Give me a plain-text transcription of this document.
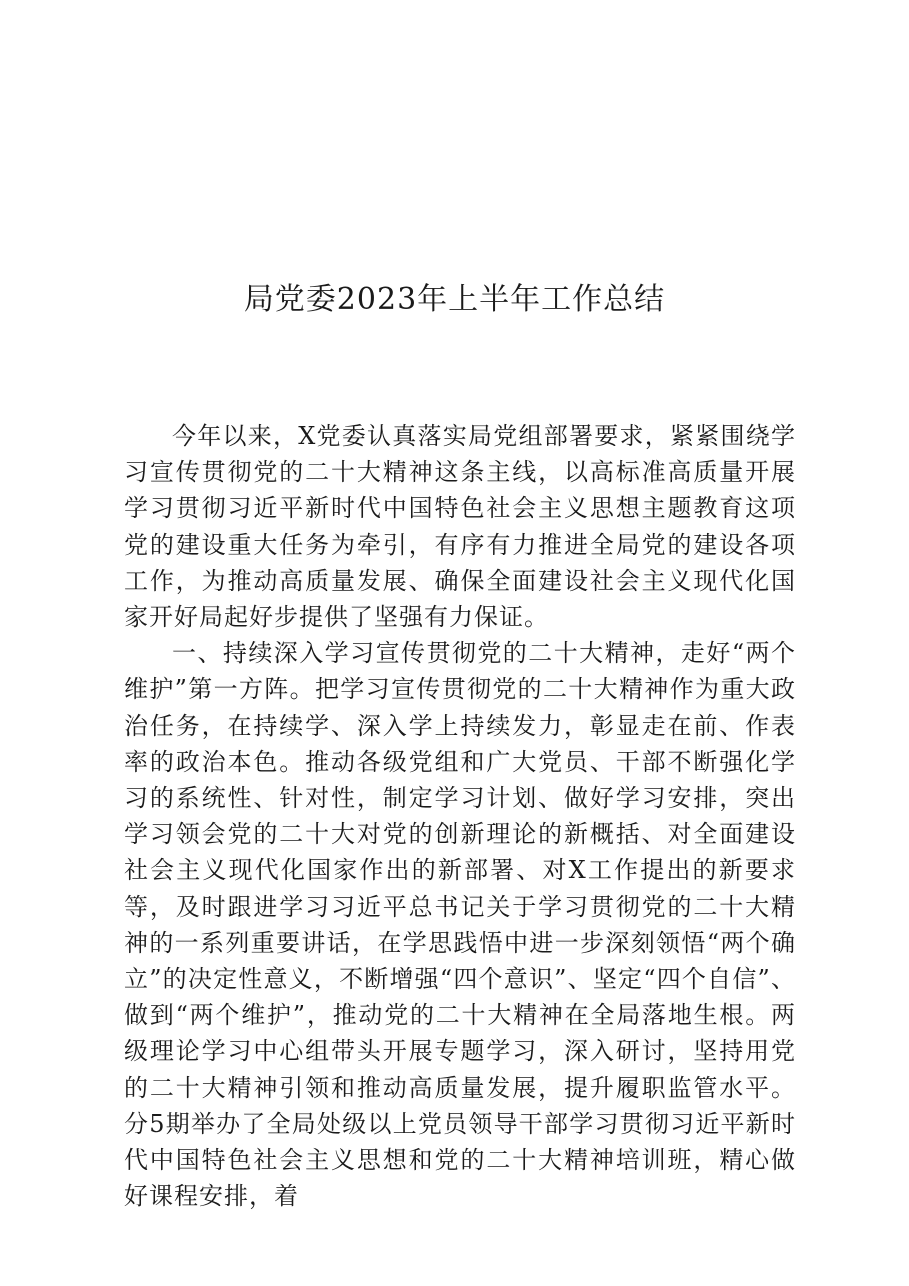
局党委2023年上半年工作总结

今年以来，X党委认真落实局党组部署要求，紧紧围绕学习宣传贯彻党的二十大精神这条主线，以高标准高质量开展学习贯彻习近平新时代中国特色社会主义思想主题教育这项党的建设重大任务为牵引，有序有力推进全局党的建设各项工作，为推动高质量发展、确保全面建设社会主义现代化国家开好局起好步提供了坚强有力保证。

一、持续深入学习宣传贯彻党的二十大精神，走好“两个维护”第一方阵。把学习宣传贯彻党的二十大精神作为重大政治任务，在持续学、深入学上持续发力，彰显走在前、作表率的政治本色。推动各级党组和广大党员、干部不断强化学习的系统性、针对性，制定学习计划、做好学习安排，突出学习领会党的二十大对党的创新理论的新概括、对全面建设社会主义现代化国家作出的新部署、对X工作提出的新要求等，及时跟进学习习近平总书记关于学习贯彻党的二十大精神的一系列重要讲话，在学思践悟中进一步深刻领悟“两个确立”的决定性意义，不断增强“四个意识”、坚定“四个自信”、做到“两个维护”，推动党的二十大精神在全局落地生根。两级理论学习中心组带头开展专题学习，深入研讨，坚持用党的二十大精神引领和推动高质量发展，提升履职监管水平。分5期举办了全局处级以上党员领导干部学习贯彻习近平新时代中国特色社会主义思想和党的二十大精神培训班，精心做好课程安排，着
